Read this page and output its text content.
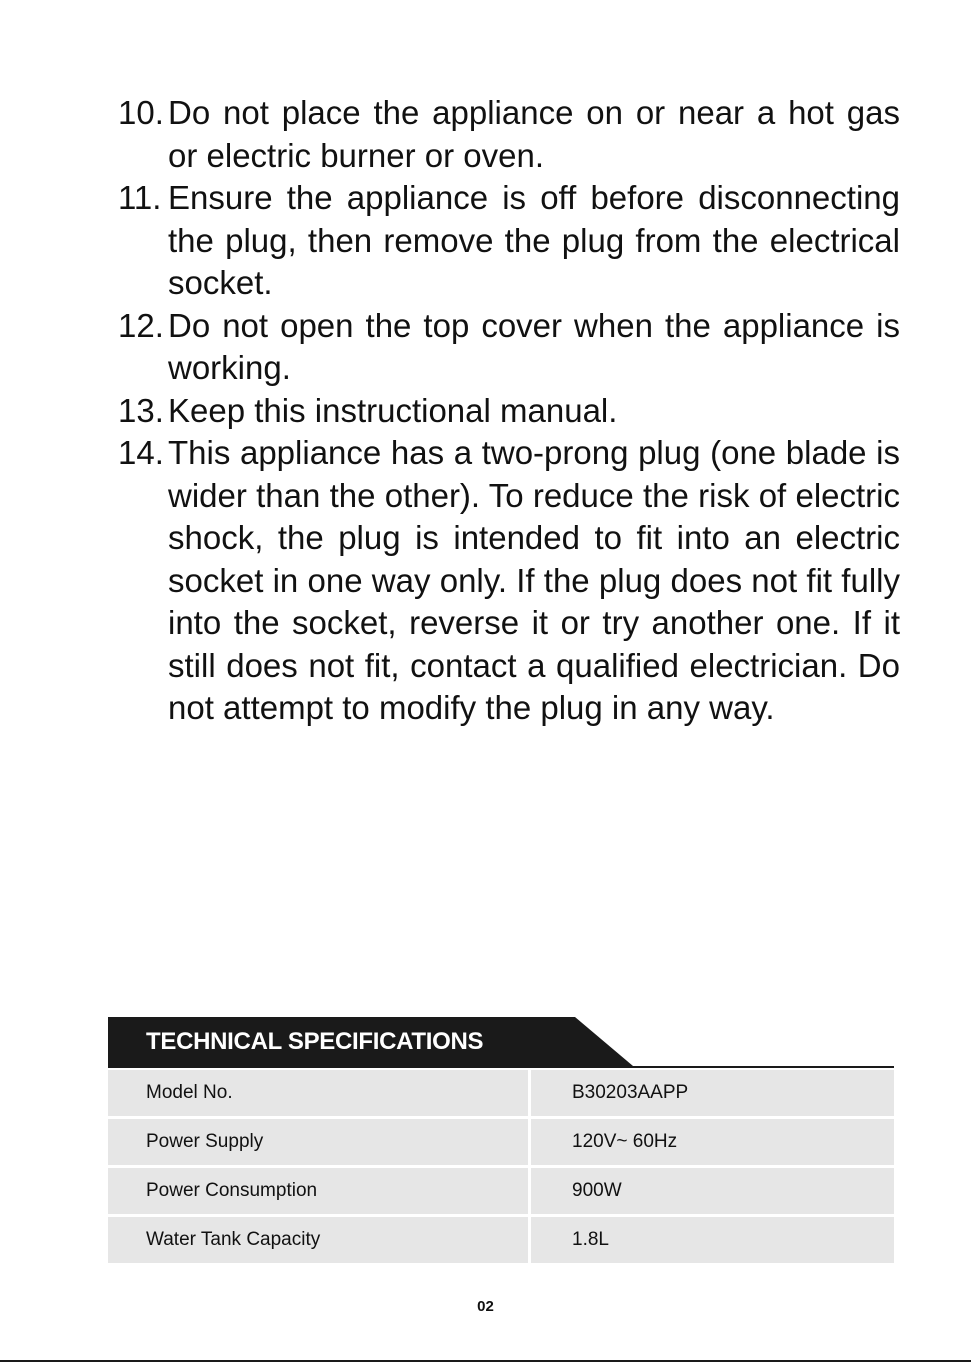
10. Do not place the appliance on or near a hot gas or electric burner or oven.
11. Ensure the appliance is off before disconnecting the plug, then remove the plug from the electrical socket.
12. Do not open the top cover when the appliance is working.
13. Keep this instructional manual.
14. This appliance has a two-prong plug (one blade is wider than the other). To reduce the risk of electric shock, the plug is intended to fit into an electric socket in one way only. If the plug does not fit fully into the socket, reverse it or try another one. If it still does not fit, contact a qualified electrician. Do not attempt to modify the plug in any way.
TECHNICAL SPECIFICATIONS
Model No.	B30203AAPP
Power Supply	120V~ 60Hz
Power Consumption	900W
Water Tank Capacity	1.8L
02
